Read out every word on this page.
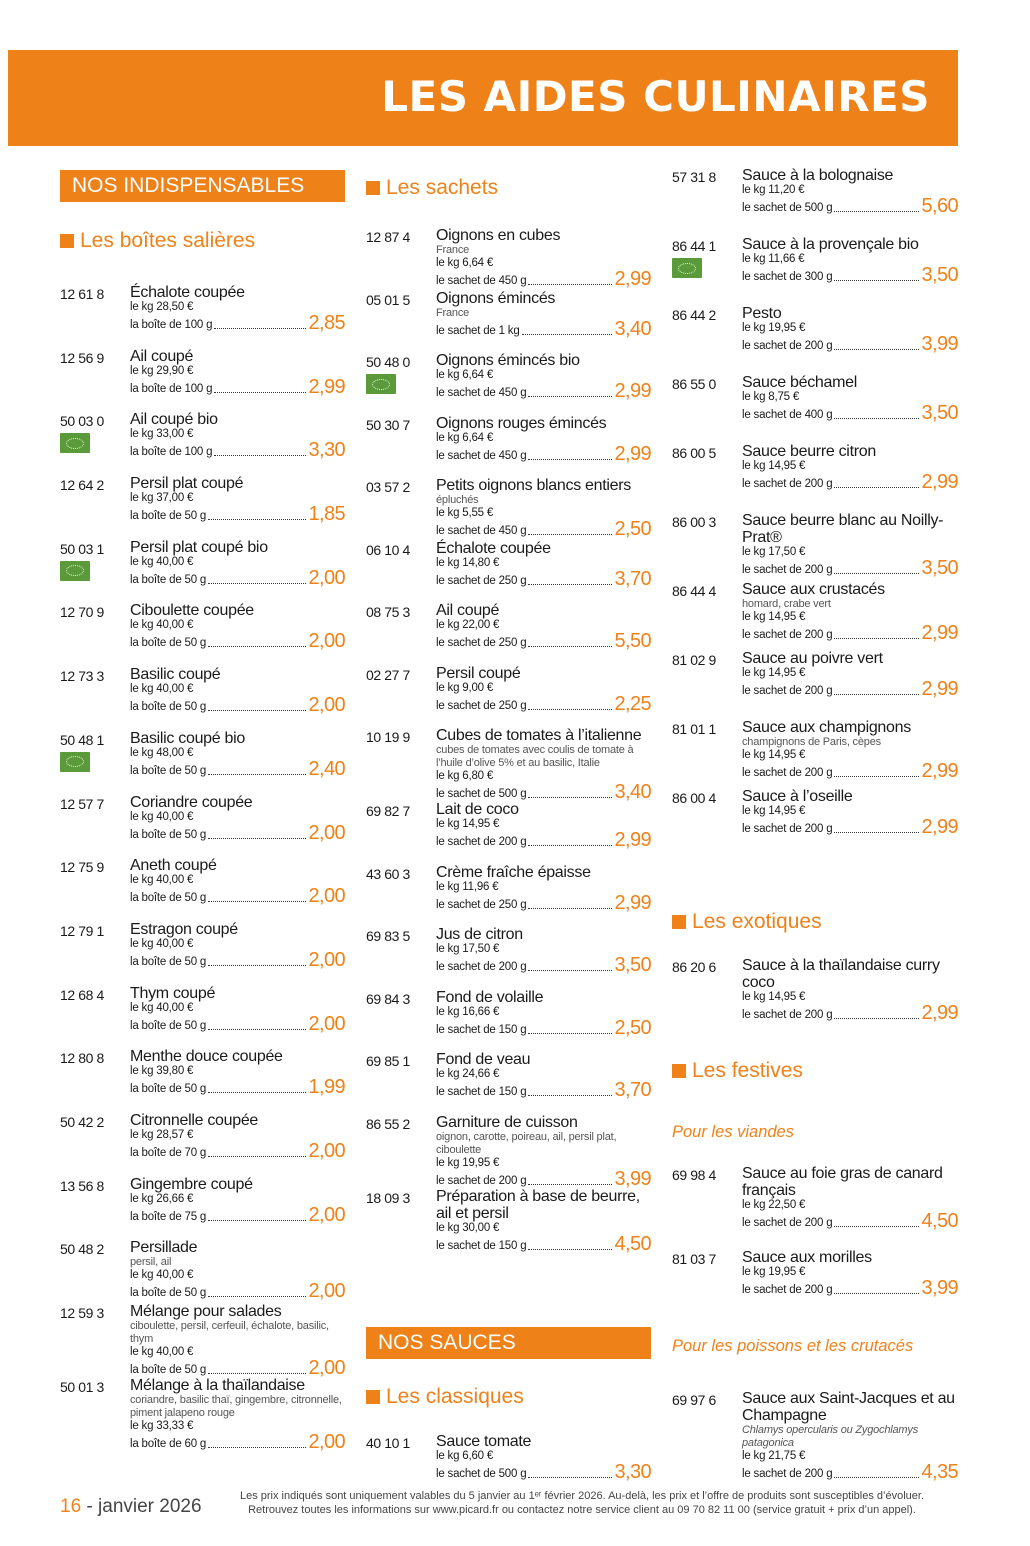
LES AIDES CULINAIRES
NOS INDISPENSABLES
Les boîtes salières
12 61 8 Échalote coupée
le kg 28,50 €
la boîte de 100 g	2,85
12 56 9 Ail coupé
le kg 29,90 €
la boîte de 100 g	2,99
50 03 0 Ail coupé bio
le kg 33,00 €
la boîte de 100 g	3,30
12 64 2 Persil plat coupé
le kg 37,00 €
la boîte de 50 g	1,85
50 03 1 Persil plat coupé bio
le kg 40,00 €
la boîte de 50 g	2,00
12 70 9 Ciboulette coupée
le kg 40,00 €
la boîte de 50 g	2,00
12 73 3 Basilic coupé
le kg 40,00 €
la boîte de 50 g	2,00
50 48 1 Basilic coupé bio
le kg 48,00 €
la boîte de 50 g	2,40
12 57 7 Coriandre coupée
le kg 40,00 €
la boîte de 50 g	2,00
12 75 9 Aneth coupé
le kg 40,00 €
la boîte de 50 g	2,00
12 79 1 Estragon coupé
le kg 40,00 €
la boîte de 50 g	2,00
12 68 4 Thym coupé
le kg 40,00 €
la boîte de 50 g	2,00
12 80 8 Menthe douce coupée
le kg 39,80 €
la boîte de 50 g	1,99
50 42 2 Citronnelle coupée
le kg 28,57 €
la boîte de 70 g	2,00
13 56 8 Gingembre coupé
le kg 26,66 €
la boîte de 75 g	2,00
50 48 2 Persillade
persil, ail
le kg 40,00 €
la boîte de 50 g	2,00
12 59 3 Mélange pour salades
ciboulette, persil, cerfeuil, échalote, basilic, thym
le kg 40,00 €
la boîte de 50 g	2,00
50 01 3 Mélange à la thaïlandaise
coriandre, basilic thaï, gingembre, citronnelle, piment jalapeno rouge
le kg 33,33 €
la boîte de 60 g	2,00
Les sachets
12 87 4 Oignons en cubes
France
le kg 6,64 €
le sachet de 450 g	2,99
05 01 5 Oignons émincés
France
le sachet de 1 kg	3,40
50 48 0 Oignons émincés bio
le kg 6,64 €
le sachet de 450 g	2,99
50 30 7 Oignons rouges émincés
le kg 6,64 €
le sachet de 450 g	2,99
03 57 2 Petits oignons blancs entiers
épluchés
le kg 5,55 €
le sachet de 450 g	2,50
06 10 4 Échalote coupée
le kg 14,80 €
le sachet de 250 g	3,70
08 75 3 Ail coupé
le kg 22,00 €
le sachet de 250 g	5,50
02 27 7 Persil coupé
le kg 9,00 €
le sachet de 250 g	2,25
10 19 9 Cubes de tomates à l’italienne
cubes de tomates avec coulis de tomate à l’huile d’olive 5% et au basilic, Italie
le kg 6,80 €
le sachet de 500 g	3,40
69 82 7 Lait de coco
le kg 14,95 €
le sachet de 200 g	2,99
43 60 3 Crème fraîche épaisse
le kg 11,96 €
le sachet de 250 g	2,99
69 83 5 Jus de citron
le kg 17,50 €
le sachet de 200 g	3,50
69 84 3 Fond de volaille
le kg 16,66 €
le sachet de 150 g	2,50
69 85 1 Fond de veau
le kg 24,66 €
le sachet de 150 g	3,70
86 55 2 Garniture de cuisson
oignon, carotte, poireau, ail, persil plat, ciboulette
le kg 19,95 €
le sachet de 200 g	3,99
18 09 3 Préparation à base de beurre, ail et persil
le kg 30,00 €
le sachet de 150 g	4,50
NOS SAUCES
Les classiques
40 10 1 Sauce tomate
le kg 6,60 €
le sachet de 500 g	3,30
57 31 8 Sauce à la bolognaise
le kg 11,20 €
le sachet de 500 g	5,60
86 44 1 Sauce à la provençale bio
le kg 11,66 €
le sachet de 300 g	3,50
86 44 2 Pesto
le kg 19,95 €
le sachet de 200 g	3,99
86 55 0 Sauce béchamel
le kg 8,75 €
le sachet de 400 g	3,50
86 00 5 Sauce beurre citron
le kg 14,95 €
le sachet de 200 g	2,99
86 00 3 Sauce beurre blanc au Noilly-Prat®
le kg 17,50 €
le sachet de 200 g	3,50
86 44 4 Sauce aux crustacés
homard, crabe vert
le kg 14,95 €
le sachet de 200 g	2,99
81 02 9 Sauce au poivre vert
le kg 14,95 €
le sachet de 200 g	2,99
81 01 1 Sauce aux champignons
champignons de Paris, cèpes
le kg 14,95 €
le sachet de 200 g	2,99
86 00 4 Sauce à l’oseille
le kg 14,95 €
le sachet de 200 g	2,99
Les exotiques
86 20 6 Sauce à la thaïlandaise curry coco
le kg 14,95 €
le sachet de 200 g	2,99
Les festives
Pour les viandes
69 98 4 Sauce au foie gras de canard français
le kg 22,50 €
le sachet de 200 g	4,50
81 03 7 Sauce aux morilles
le kg 19,95 €
le sachet de 200 g	3,99
Pour les poissons et les crutacés
69 97 6 Sauce aux Saint-Jacques et au Champagne
Chlamys opercularis ou Zygochlamys patagonica
le kg 21,75 €
le sachet de 200 g	4,35
16 - janvier 2026	Les prix indiqués sont uniquement valables du 5 janvier au 1ᵉʳ février 2026. Au-delà, les prix et l’offre de produits sont susceptibles d’évoluer.
Retrouvez toutes les informations sur www.picard.fr ou contactez notre service client au 09 70 82 11 00 (service gratuit + prix d’un appel).
